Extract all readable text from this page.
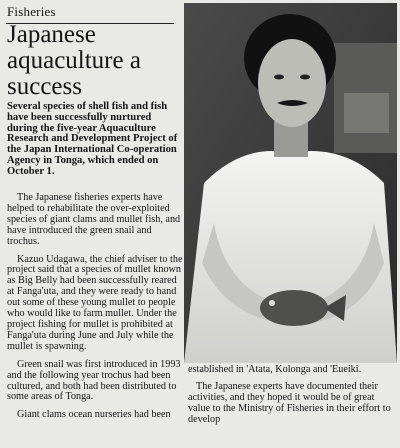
Fisheries
Japanese aquaculture a success

Several species of shell fish and fish have been successfully nurtured during the five-year Aquaculture Research and Development Project of the Japan International Co-operation Agency in Tonga, which ended on October 1.

The Japanese fisheries experts have helped to rehabilitate the over-exploited species of giant clams and mullet fish, and have introduced the green snail and trochus.

Kazuo Udagawa, the chief adviser to the project said that a species of mullet known as Big Belly had been successfully reared at Fanga'uta, and they were ready to hand out some of these young mullet to people who would like to farm mullet. Under the project fishing for mullet is prohibited at Fanga'uta during June and July while the mullet is spawning.

Green snail was first introduced in 1993 and the following year trochus had been cultured, and both had been distributed to some areas of Tonga.

Giant clams ocean nurseries had been

established in 'Atata, Kolonga and 'Eueiki.

The Japanese experts have documented their activities, and they hoped it would be of great value to the Ministry of Fisheries in their effort to develop
